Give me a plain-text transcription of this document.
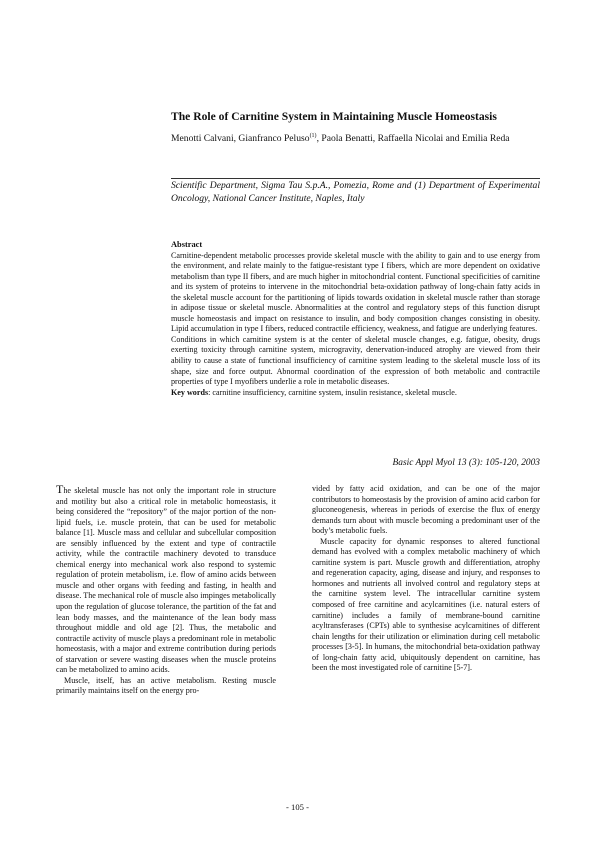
The Role of Carnitine System in Maintaining Muscle Homeostasis
Menotti Calvani, Gianfranco Peluso$^{(1)}$, Paola Benatti, Raffaella Nicolai and Emilia Reda
Scientific Department, Sigma Tau S.p.A., Pomezia, Rome and (1) Department of Experimental Oncology, National Cancer Institute, Naples, Italy
Abstract

Carnitine-dependent metabolic processes provide skeletal muscle with the ability to gain and to use energy from the environment, and relate mainly to the fatigue-resistant type I fibers, which are more dependent on oxidative metabolism than type II fibers, and are much higher in mitochondrial content. Functional specificities of carnitine and its system of proteins to intervene in the mitochondrial beta-oxidation pathway of long-chain fatty acids in the skeletal muscle account for the partitioning of lipids towards oxidation in skeletal muscle rather than storage in adipose tissue or skeletal muscle. Abnormalities at the control and regulatory steps of this function disrupt muscle homeostasis and impact on resistance to insulin, and body composition changes consisting in obesity. Lipid accumulation in type I fibers, reduced contractile efficiency, weakness, and fatigue are underlying features.

Conditions in which carnitine system is at the center of skeletal muscle changes, e.g. fatigue, obesity, drugs exerting toxicity through carnitine system, microgravity, denervation-induced atrophy are viewed from their ability to cause a state of functional insufficiency of carnitine system leading to the skeletal muscle loss of its shape, size and force output. Abnormal coordination of the expression of both metabolic and contractile properties of type I myofibers underlie a role in metabolic diseases.

Key words: carnitine insufficiency, carnitine system, insulin resistance, skeletal muscle.

Basic Appl Myol 13 (3): 105-120, 2003

The skeletal muscle has not only the important role in structure and motility but also a critical role in metabolic homeostasis, it being considered the “repository” of the major portion of the non-lipid fuels, i.e. muscle protein, that can be used for metabolic balance [1]. Muscle mass and cellular and subcellular composition are sensibly influenced by the extent and type of contractile activity, while the contractile machinery devoted to transduce chemical energy into mechanical work also respond to systemic regulation of protein metabolism, i.e. flow of amino acids between muscle and other organs with feeding and fasting, in health and disease. The mechanical role of muscle also impinges metabolically upon the regulation of glucose tolerance, the partition of the fat and lean body masses, and the maintenance of the lean body mass throughout middle and old age [2]. Thus, the metabolic and contractile activity of muscle plays a predominant role in metabolic homeostasis, with a major and extreme contribution during periods of starvation or severe wasting diseases when the muscle proteins can be metabolized to amino acids.

Muscle, itself, has an active metabolism. Resting muscle primarily maintains itself on the energy pro-

vided by fatty acid oxidation, and can be one of the major contributors to homeostasis by the provision of amino acid carbon for gluconeogenesis, whereas in periods of exercise the flux of energy demands turn about with muscle becoming a predominant user of the body’s metabolic fuels.

Muscle capacity for dynamic responses to altered functional demand has evolved with a complex metabolic machinery of which carnitine system is part. Muscle growth and differentiation, atrophy and regeneration capacity, aging, disease and injury, and responses to hormones and nutrients all involved control and regulatory steps at the carnitine system level. The intracellular carnitine system composed of free carnitine and acylcarnitines (i.e. natural esters of carnitine) includes a family of membrane-bound carnitine acyltransferases (CPTs) able to synthesise acylcarnitines of different chain lengths for their utilization or elimination during cell metabolic processes [3-5]. In humans, the mitochondrial beta-oxidation pathway of long-chain fatty acid, ubiquitously dependent on carnitine, has been the most investigated role of carnitine [5-7].

- 105 -
